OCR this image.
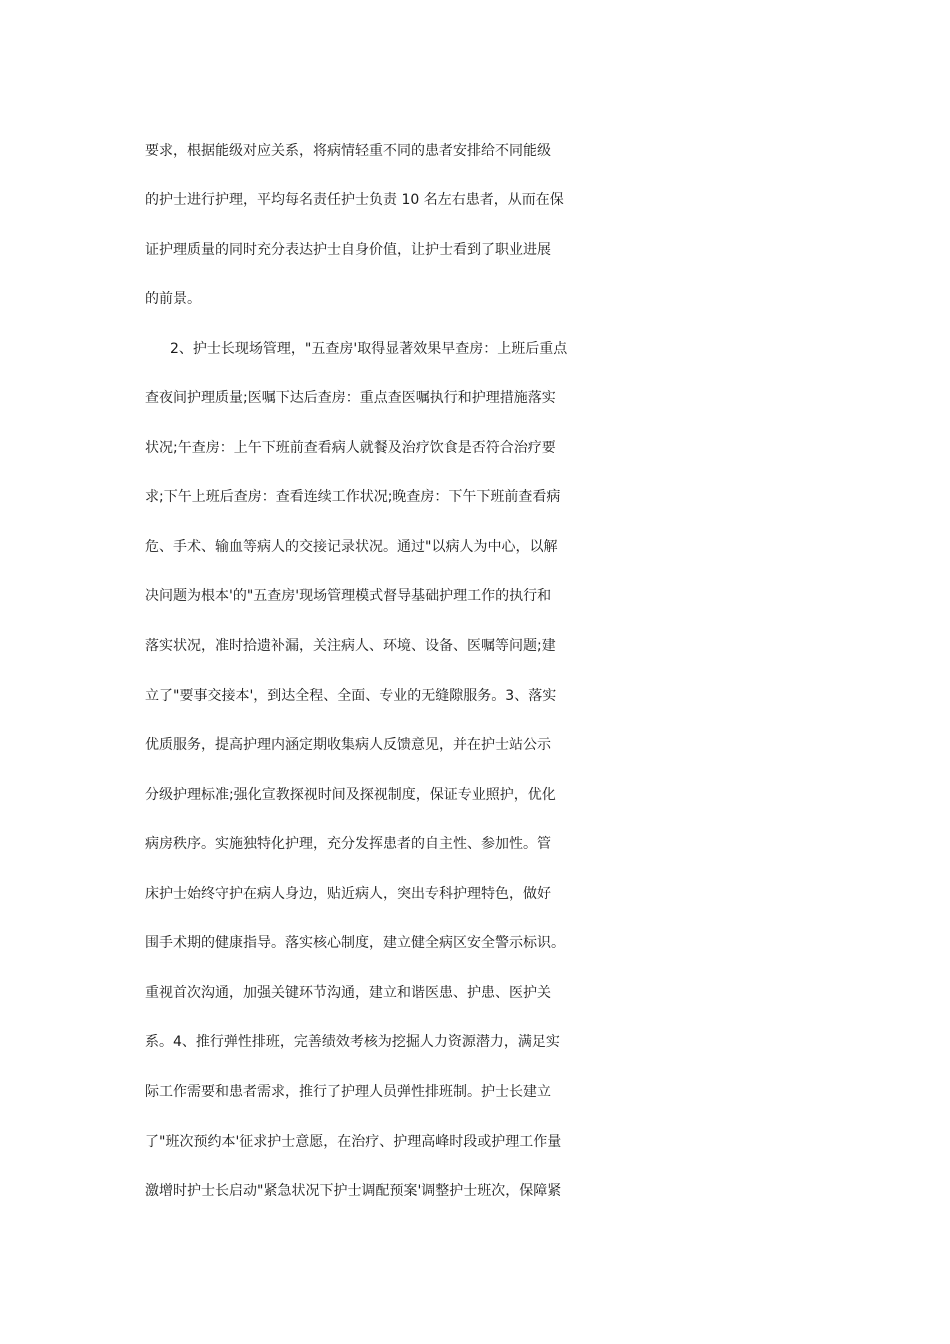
要求，根据能级对应关系，将病情轻重不同的患者安排给不同能级
的护士进行护理，平均每名责任护士负责 10 名左右患者，从而在保
证护理质量的同时充分表达护士自身价值，让护士看到了职业进展
的前景。
2、护士长现场管理，"五查房'取得显著效果早查房：上班后重点
查夜间护理质量;医嘱下达后查房：重点查医嘱执行和护理措施落实
状况;午查房：上午下班前查看病人就餐及治疗饮食是否符合治疗要
求;下午上班后查房：查看连续工作状况;晚查房：下午下班前查看病
危、手术、输血等病人的交接记录状况。通过"以病人为中心，以解
决问题为根本'的"五查房'现场管理模式督导基础护理工作的执行和
落实状况，准时拾遗补漏，关注病人、环境、设备、医嘱等问题;建
立了"要事交接本'，到达全程、全面、专业的无缝隙服务。3、落实
优质服务，提高护理内涵定期收集病人反馈意见，并在护士站公示
分级护理标准;强化宣教探视时间及探视制度，保证专业照护，优化
病房秩序。实施独特化护理，充分发挥患者的自主性、参加性。管
床护士始终守护在病人身边，贴近病人，突出专科护理特色，做好
围手术期的健康指导。落实核心制度，建立健全病区安全警示标识。
重视首次沟通，加强关键环节沟通，建立和谐医患、护患、医护关
系。4、推行弹性排班，完善绩效考核为挖掘人力资源潜力，满足实
际工作需要和患者需求，推行了护理人员弹性排班制。护士长建立
了"班次预约本'征求护士意愿，在治疗、护理高峰时段或护理工作量
激增时护士长启动"紧急状况下护士调配预案'调整护士班次，保障紧
